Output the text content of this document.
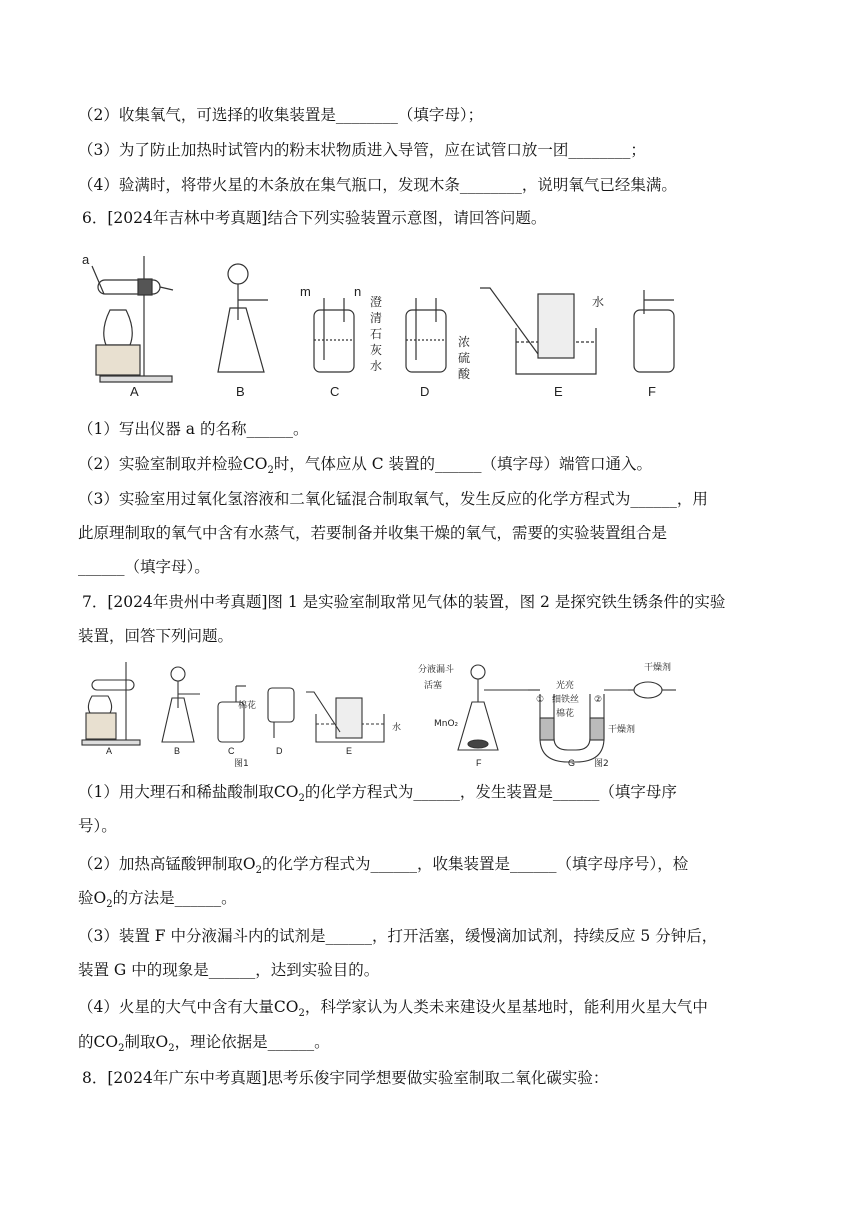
（2）收集氧气，可选择的收集装置是________（填字母）；
（3）为了防止加热时试管内的粉末状物质进入导管，应在试管口放一团________；
（4）验满时，将带火星的木条放在集气瓶口，发现木条________，说明氧气已经集满。
6．[2024年吉林中考真题]结合下列实验装置示意图，请回答问题。
a
m	n
澄
清
石
灰
水
浓
硫
酸
水
A	B	C	D	E	F
（1）写出仪器 a 的名称______。
（2）实验室制取并检验$CO_2$时，气体应从 C 装置的______（填字母）端管口通入。
（3）实验室用过氧化氢溶液和二氧化锰混合制取氧气，发生反应的化学方程式为______，用
此原理制取的氧气中含有水蒸气，若要制备并收集干燥的氧气，需要的实验装置组合是
______（填字母）。
7．[2024年贵州中考真题]图 1 是实验室制取常见气体的装置，图 2 是探究铁生锈条件的实验
装置，回答下列问题。
棉花
水
A	B	C	D	E
图1
分液漏斗
活塞
MnO₂
F
光亮
细铁丝
①	②
棉花
干燥剂
干燥剂
G 图2
（1）用大理石和稀盐酸制取$CO_2$的化学方程式为______，发生装置是______（填字母序
号）。
（2）加热高锰酸钾制取$O_2$的化学方程式为______，收集装置是______（填字母序号），检
验$O_2$的方法是______。
（3）装置 F 中分液漏斗内的试剂是______，打开活塞，缓慢滴加试剂，持续反应 5 分钟后，
装置 G 中的现象是______，达到实验目的。
（4）火星的大气中含有大量$CO_2$，科学家认为人类未来建设火星基地时，能利用火星大气中
的$CO_2$制取$O_2$，理论依据是______。
8．[2024年广东中考真题]思考乐俊宇同学想要做实验室制取二氧化碳实验：
